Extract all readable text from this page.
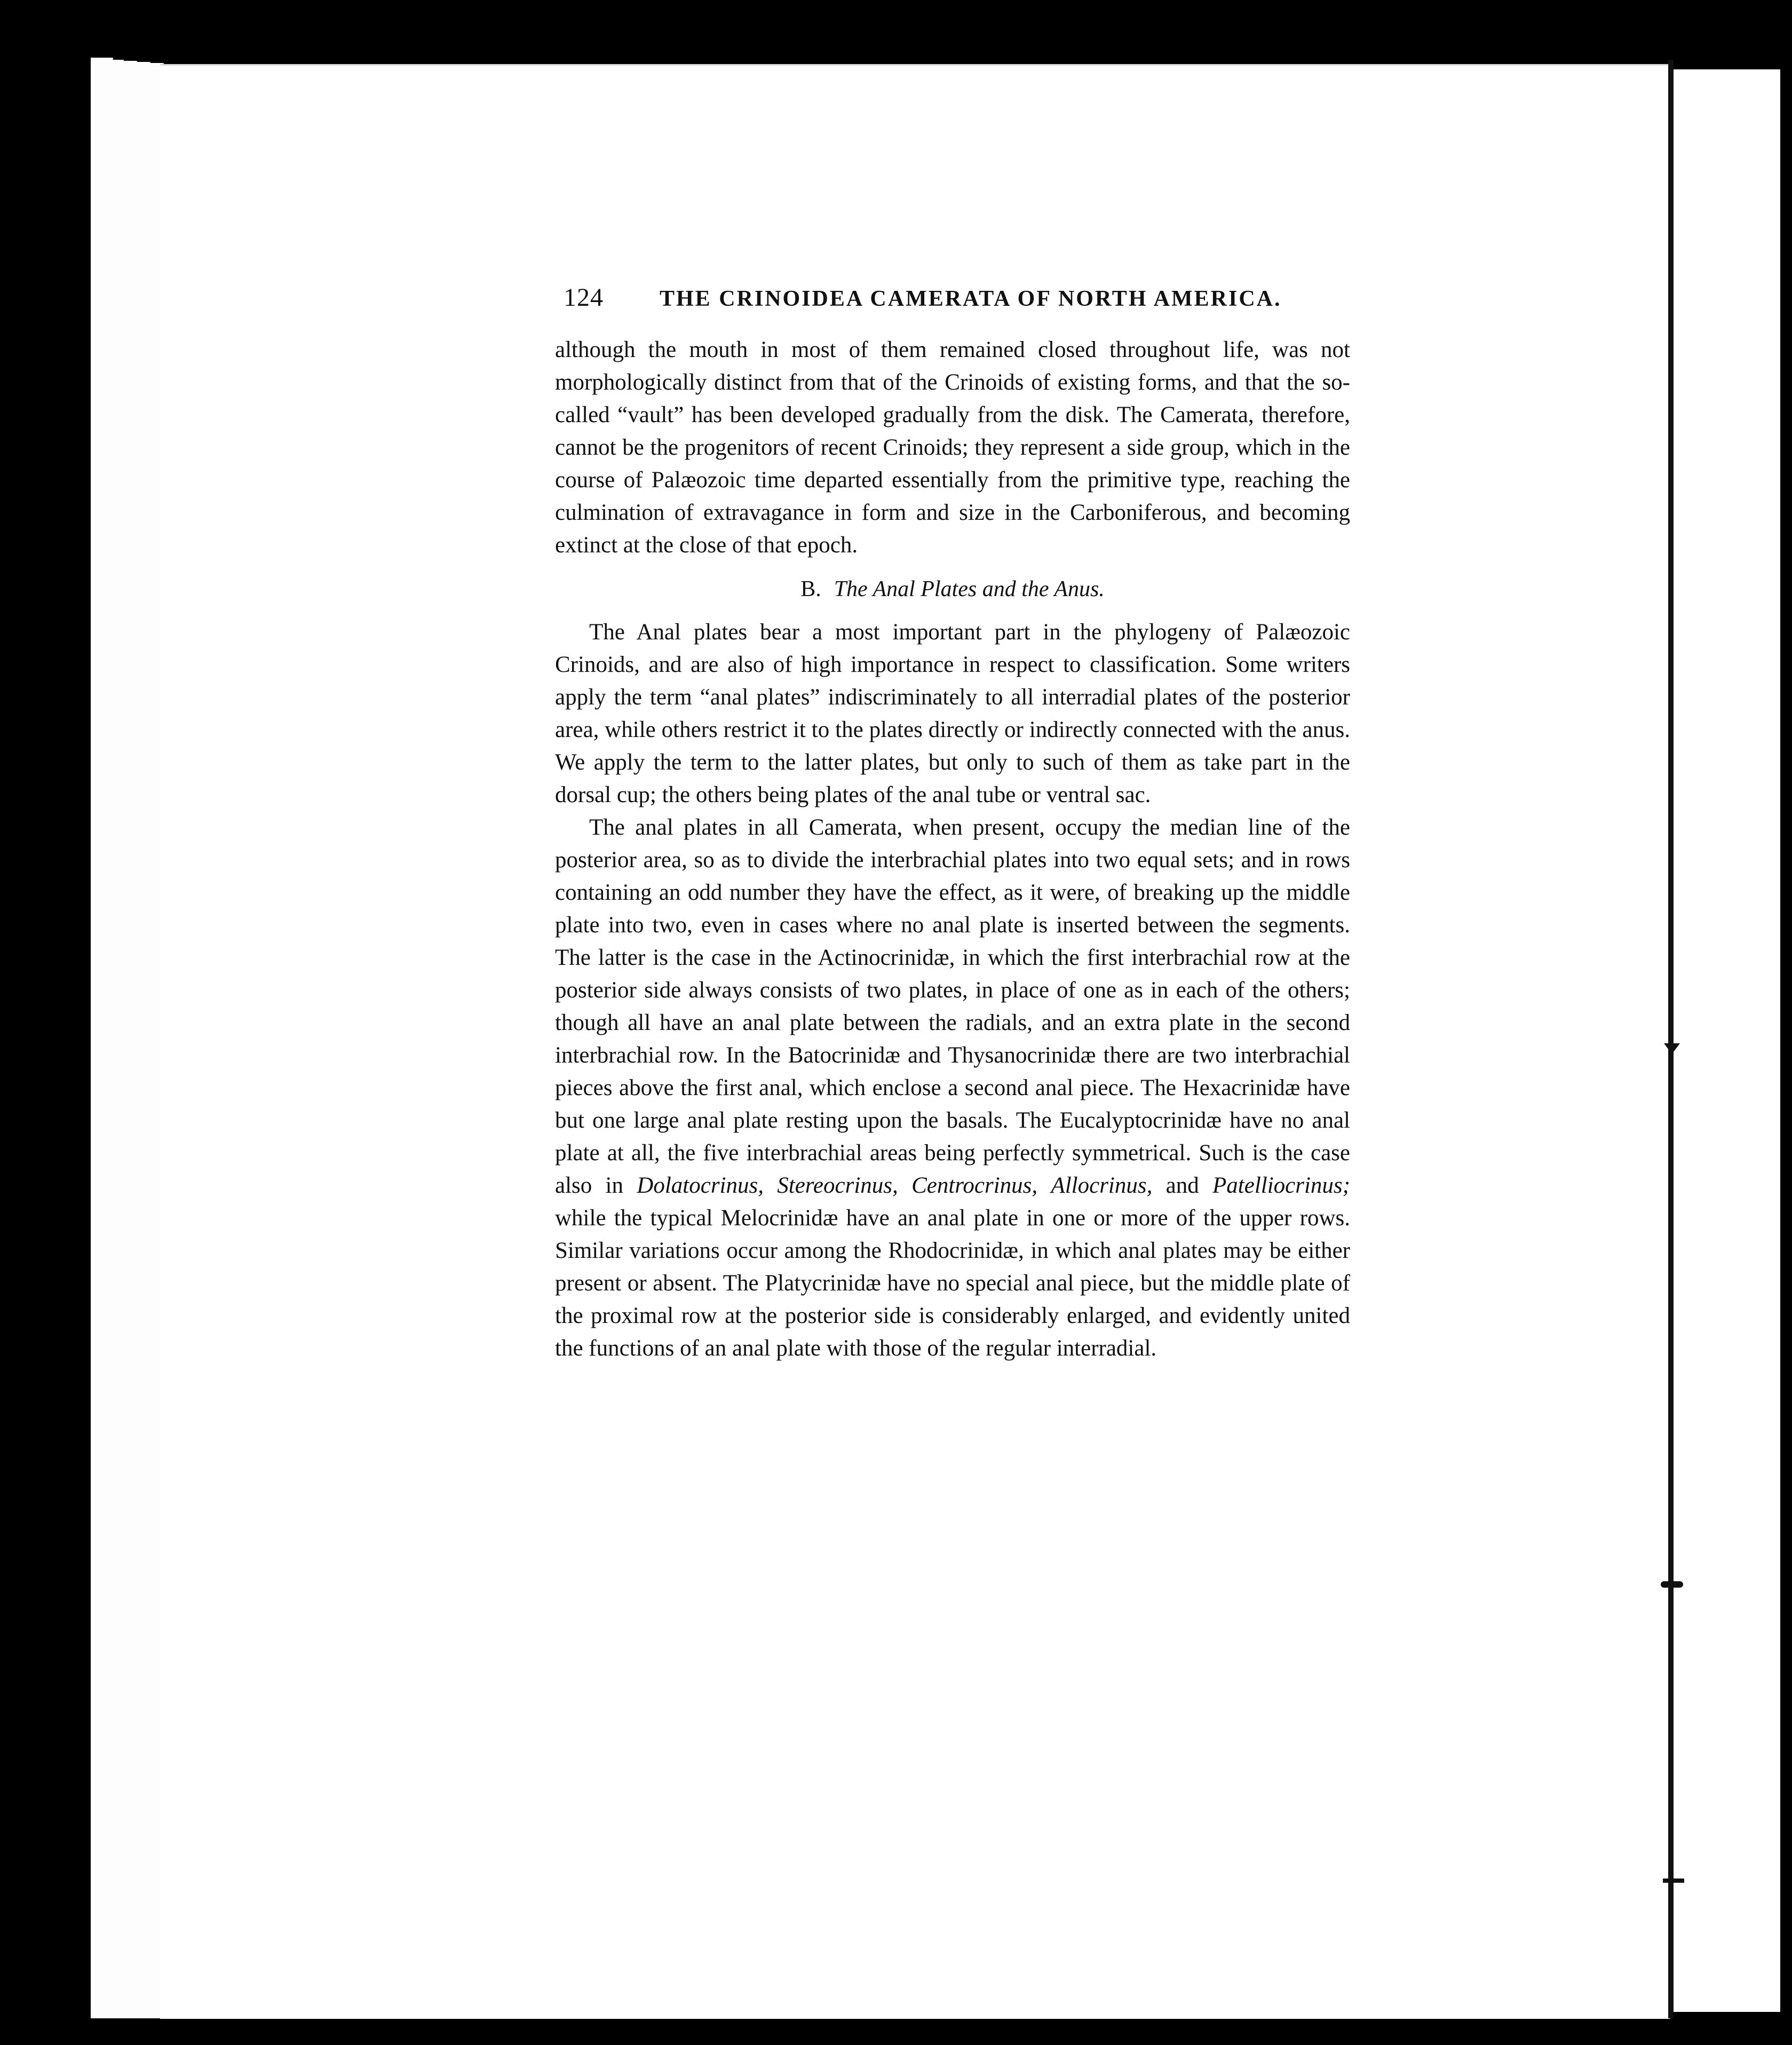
124	THE CRINOIDEA CAMERATA OF NORTH AMERICA.

although the mouth in most of them remained closed throughout life, was not morphologically distinct from that of the Crinoids of existing forms, and that the so-called “vault” has been developed gradually from the disk. The Camerata, therefore, cannot be the progenitors of recent Crinoids; they represent a side group, which in the course of Palæozoic time departed essentially from the primitive type, reaching the culmination of extravagance in form and size in the Carboniferous, and becoming extinct at the close of that epoch.

B. The Anal Plates and the Anus.

The Anal plates bear a most important part in the phylogeny of Palæozoic Crinoids, and are also of high importance in respect to classification. Some writers apply the term “anal plates” indiscriminately to all interradial plates of the posterior area, while others restrict it to the plates directly or indirectly connected with the anus. We apply the term to the latter plates, but only to such of them as take part in the dorsal cup; the others being plates of the anal tube or ventral sac.

The anal plates in all Camerata, when present, occupy the median line of the posterior area, so as to divide the interbrachial plates into two equal sets; and in rows containing an odd number they have the effect, as it were, of breaking up the middle plate into two, even in cases where no anal plate is inserted between the segments. The latter is the case in the Actinocrinidæ, in which the first interbrachial row at the posterior side always consists of two plates, in place of one as in each of the others; though all have an anal plate between the radials, and an extra plate in the second interbrachial row. In the Batocrinidæ and Thysanocrinidæ there are two interbrachial pieces above the first anal, which enclose a second anal piece. The Hexacrinidæ have but one large anal plate resting upon the basals. The Eucalyptocrinidæ have no anal plate at all, the five interbrachial areas being perfectly symmetrical. Such is the case also in Dolatocrinus, Stereocrinus, Centrocrinus, Allocrinus, and Patelliocrinus; while the typical Melocrinidæ have an anal plate in one or more of the upper rows. Similar variations occur among the Rhodocrinidæ, in which anal plates may be either present or absent. The Platycrinidæ have no special anal piece, but the middle plate of the proximal row at the posterior side is considerably enlarged, and evidently united the functions of an anal plate with those of the regular interradial.
